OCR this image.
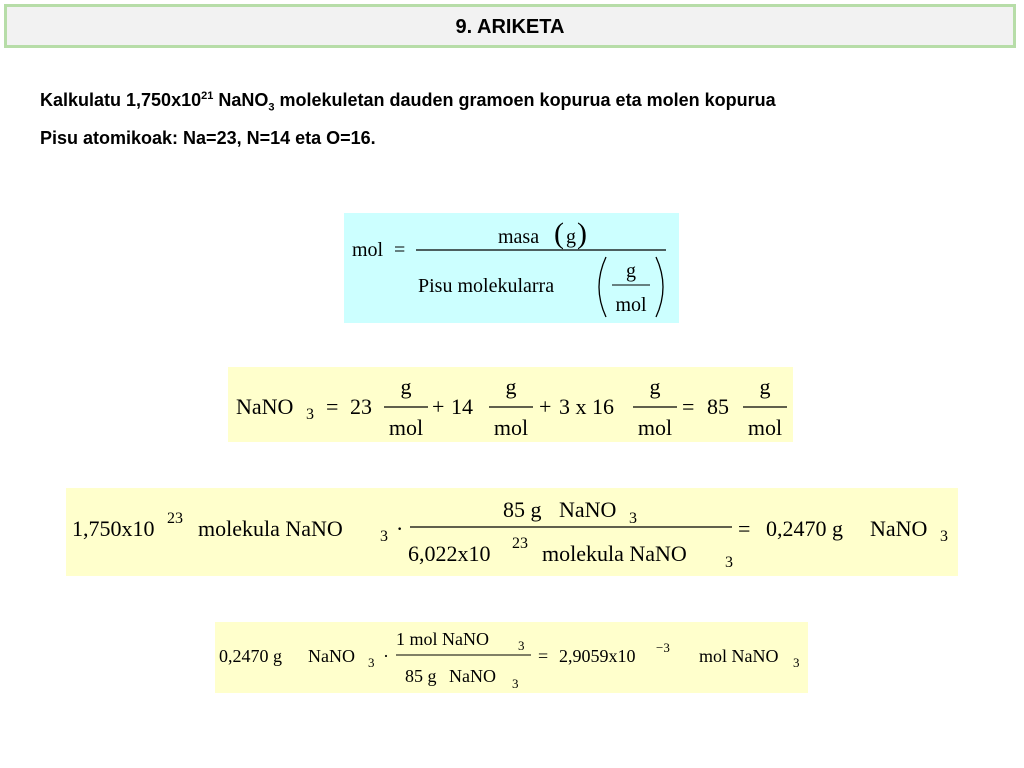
9. ARIKETA
Kalkulatu $1,750x10^{21}$ NaNO$_3$ molekuletan dauden gramoen kopurua eta molen kopurua
Pisu atomikoak: Na=23, N=14 eta O=16.
mol =
masa ( g )
Pisu molekularra
g
mol
NaNO 3 = 23
g
mol
+ 14
g
mol
+ 3 x 16
g
mol
= 85
g
mol
1,750x10 23 molekula NaNO 3 ·
85 g NaNO 3
6,022x10 23 molekula NaNO 3
= 0,2470 g NaNO 3
0,2470 g NaNO 3 ·
1 mol NaNO 3
85 g NaNO 3
= 2,9059x10 −3 mol NaNO 3
